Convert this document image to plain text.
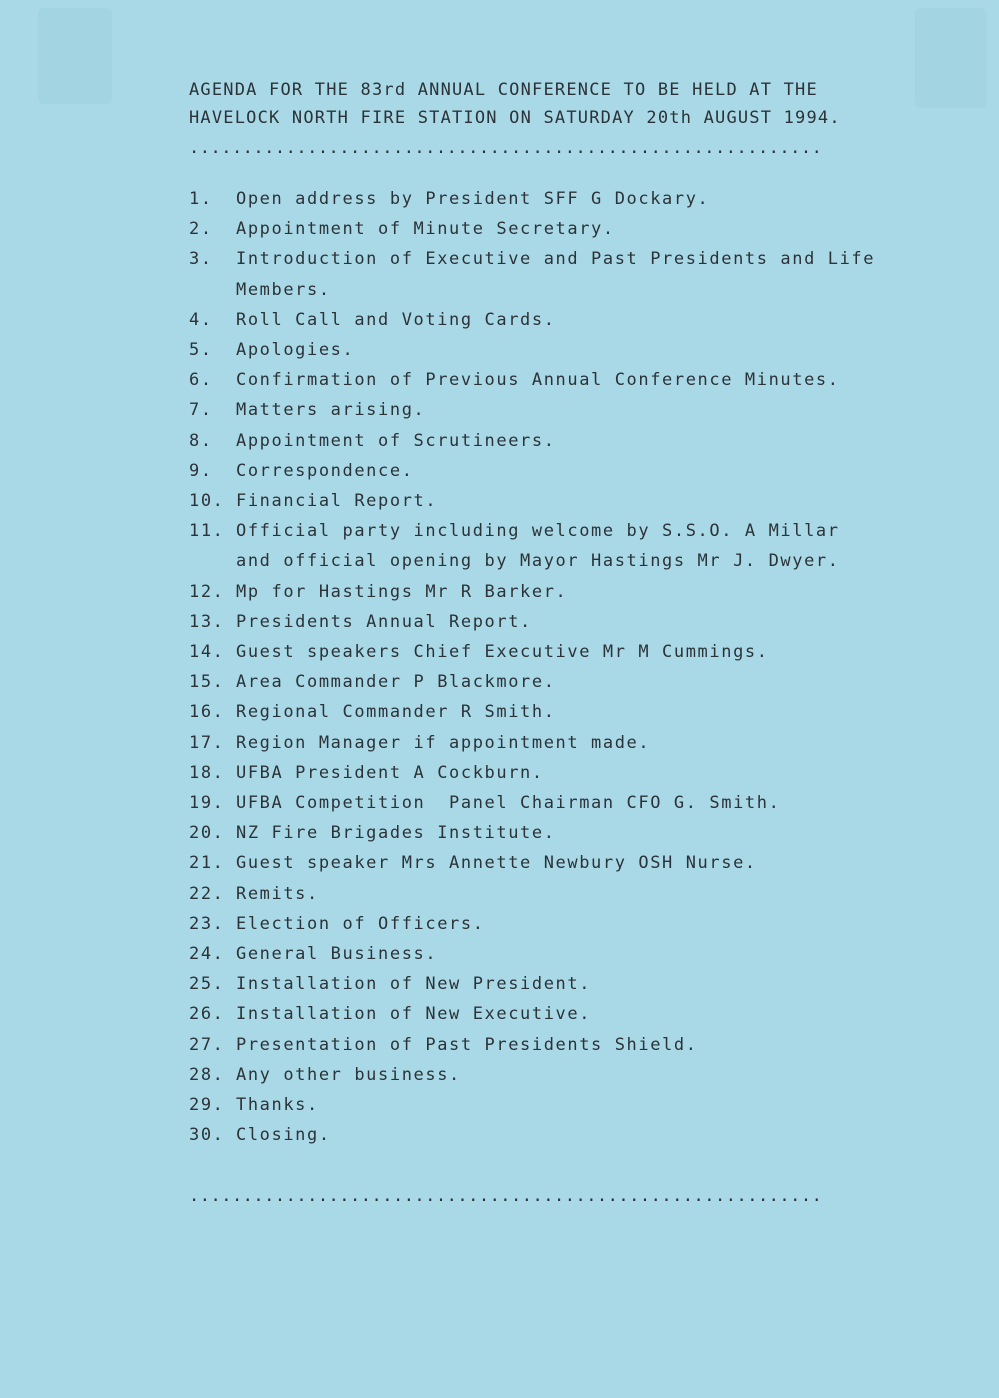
AGENDA FOR THE 83rd ANNUAL CONFERENCE TO BE HELD AT THE
HAVELOCK NORTH FIRE STATION ON SATURDAY 20th AUGUST 1994.
...........................................................
1.	Open address by President SFF G Dockary.
2.	Appointment of Minute Secretary.
3.	Introduction of Executive and Past Presidents and Life
Members.
4.	Roll Call and Voting Cards.
5.	Apologies.
6.	Confirmation of Previous Annual Conference Minutes.
7.	Matters arising.
8.	Appointment of Scrutineers.
9.	Correspondence.
10. Financial Report.
11. Official party including welcome by S.S.O. A Millar
and official opening by Mayor Hastings Mr J. Dwyer.
12. Mp for Hastings Mr R Barker.
13. Presidents Annual Report.
14. Guest speakers Chief Executive Mr M Cummings.
15. Area Commander P Blackmore.
16. Regional Commander R Smith.
17. Region Manager if appointment made.
18. UFBA President A Cockburn.
19. UFBA Competition  Panel Chairman CFO G. Smith.
20. NZ Fire Brigades Institute.
21. Guest speaker Mrs Annette Newbury OSH Nurse.
22. Remits.
23. Election of Officers.
24. General Business.
25. Installation of New President.
26. Installation of New Executive.
27. Presentation of Past Presidents Shield.
28. Any other business.
29. Thanks.
30. Closing.
...........................................................
